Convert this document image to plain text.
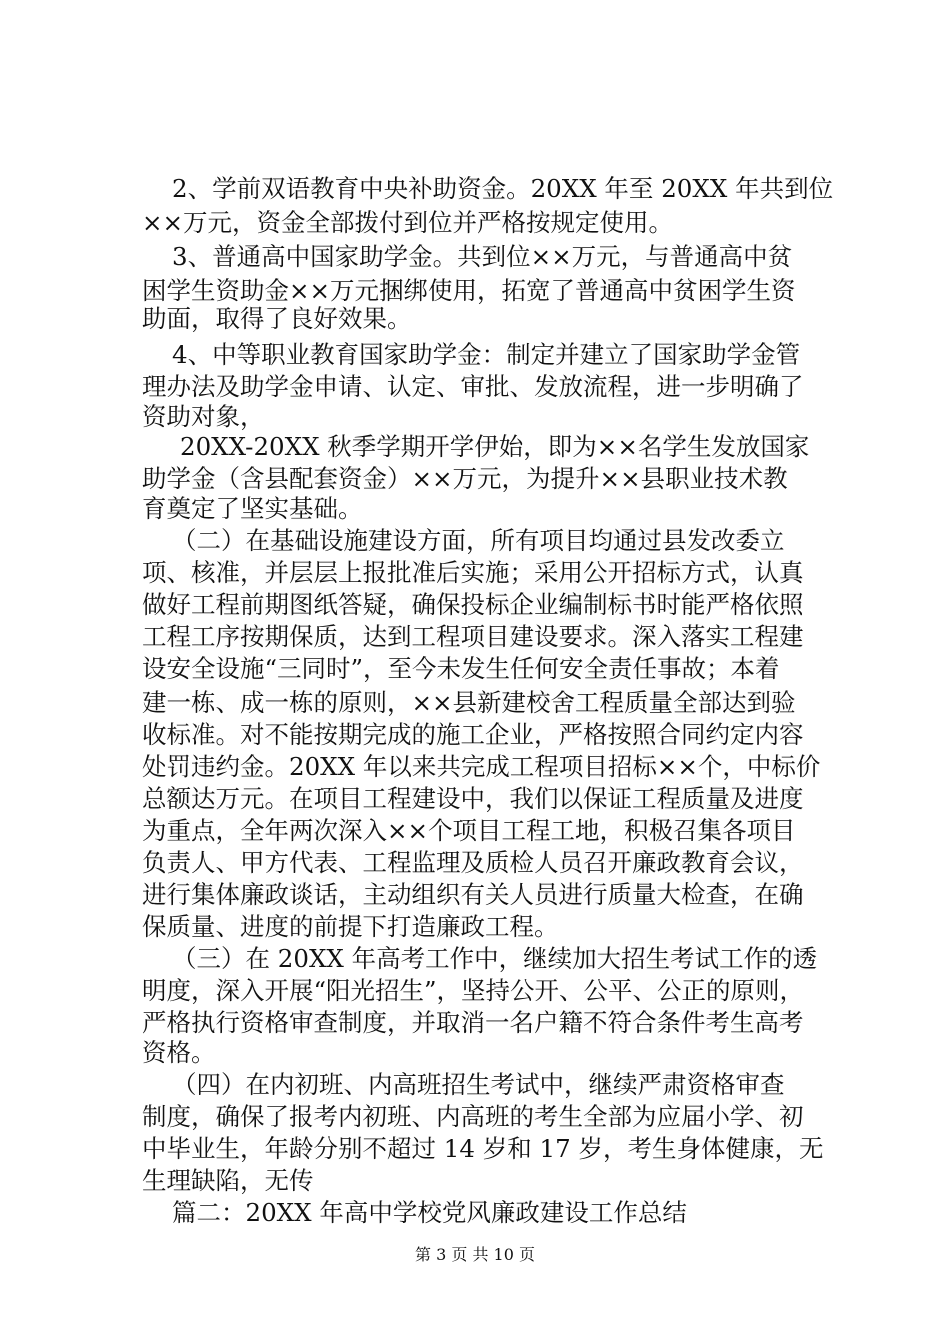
2、学前双语教育中央补助资金。20XX 年至 20XX 年共到位
××万元，资金全部拨付到位并严格按规定使用。
3、普通高中国家助学金。共到位××万元，与普通高中贫
困学生资助金××万元捆绑使用，拓宽了普通高中贫困学生资
助面，取得了良好效果。
4、中等职业教育国家助学金：制定并建立了国家助学金管
理办法及助学金申请、认定、审批、发放流程，进一步明确了
资助对象，
20XX-20XX 秋季学期开学伊始，即为××名学生发放国家
助学金（含县配套资金）××万元，为提升××县职业技术教
育奠定了坚实基础。
（二）在基础设施建设方面，所有项目均通过县发改委立
项、核准，并层层上报批准后实施；采用公开招标方式，认真
做好工程前期图纸答疑，确保投标企业编制标书时能严格依照
工程工序按期保质，达到工程项目建设要求。深入落实工程建
设安全设施“三同时”，至今未发生任何安全责任事故；本着
建一栋、成一栋的原则，××县新建校舍工程质量全部达到验
收标准。对不能按期完成的施工企业，严格按照合同约定内容
处罚违约金。20XX 年以来共完成工程项目招标××个，中标价
总额达万元。在项目工程建设中，我们以保证工程质量及进度
为重点，全年两次深入××个项目工程工地，积极召集各项目
负责人、甲方代表、工程监理及质检人员召开廉政教育会议，
进行集体廉政谈话，主动组织有关人员进行质量大检查，在确
保质量、进度的前提下打造廉政工程。
（三）在 20XX 年高考工作中，继续加大招生考试工作的透
明度，深入开展“阳光招生”，坚持公开、公平、公正的原则，
严格执行资格审查制度，并取消一名户籍不符合条件考生高考
资格。
（四）在内初班、内高班招生考试中，继续严肃资格审查
制度，确保了报考内初班、内高班的考生全部为应届小学、初
中毕业生，年龄分别不超过 14 岁和 17 岁，考生身体健康，无
生理缺陷，无传
篇二：20XX 年高中学校党风廉政建设工作总结
第 3 页 共 10 页
